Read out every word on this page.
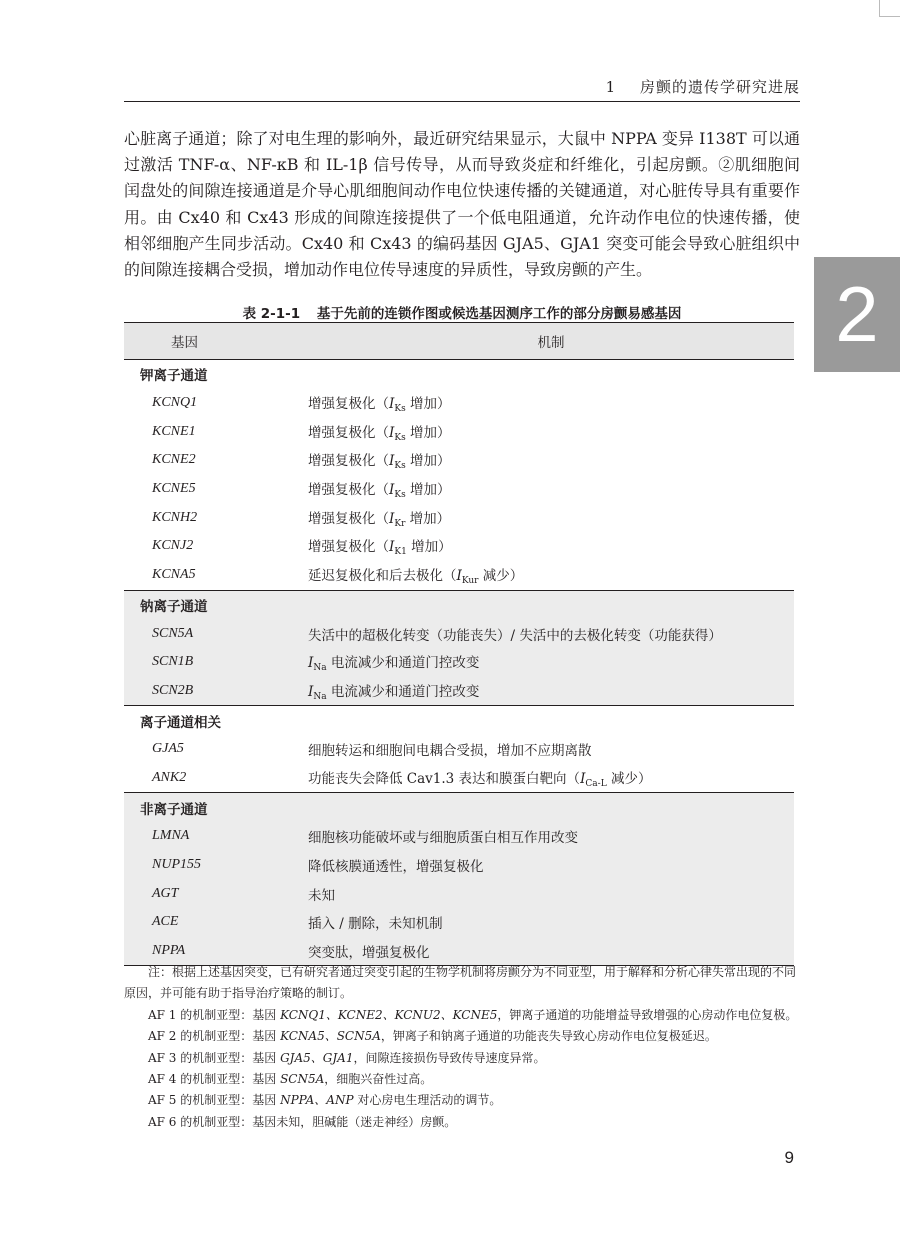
1 房颤的遗传学研究进展
2

心脏离子通道；除了对电生理的影响外，最近研究结果显示，大鼠中 NPPA 变异 I138T 可以通过激活 TNF-α、NF-κB 和 IL-1β 信号传导，从而导致炎症和纤维化，引起房颤。②肌细胞间闰盘处的间隙连接通道是介导心肌细胞间动作电位快速传播的关键通道，对心脏传导具有重要作用。由 Cx40 和 Cx43 形成的间隙连接提供了一个低电阻通道，允许动作电位的快速传播，使相邻细胞产生同步活动。Cx40 和 Cx43 的编码基因 GJA5、GJA1 突变可能会导致心脏组织中的间隙连接耦合受损，增加动作电位传导速度的异质性，导致房颤的产生。

表 2-1-1 基于先前的连锁作图或候选基因测序工作的部分房颤易感基因
基因	机制
钾离子通道	
KCNQ1	增强复极化（$I_{Ks}$ 增加）
KCNE1	增强复极化（$I_{Ks}$ 增加）
KCNE2	增强复极化（$I_{Ks}$ 增加）
KCNE5	增强复极化（$I_{Ks}$ 增加）
KCNH2	增强复极化（$I_{Kr}$ 增加）
KCNJ2	增强复极化（$I_{K1}$ 增加）
KCNA5	延迟复极化和后去极化（$I_{Kur}$ 减少）
钠离子通道	
SCN5A	失活中的超极化转变（功能丧失）/ 失活中的去极化转变（功能获得）
SCN1B	$I_{Na}$ 电流减少和通道门控改变
SCN2B	$I_{Na}$ 电流减少和通道门控改变
离子通道相关	
GJA5	细胞转运和细胞间电耦合受损，增加不应期离散
ANK2	功能丧失会降低 Cav1.3 表达和膜蛋白靶向（$I_{Ca-L}$ 减少）
非离子通道	
LMNA	细胞核功能破坏或与细胞质蛋白相互作用改变
NUP155	降低核膜通透性，增强复极化
AGT	未知
ACE	插入 / 删除，未知机制
NPPA	突变肽，增强复极化

注：根据上述基因突变，已有研究者通过突变引起的生物学机制将房颤分为不同亚型，用于解释和分析心律失常出现的不同原因，并可能有助于指导治疗策略的制订。

AF 1 的机制亚型：基因 KCNQ1、KCNE2、KCNU2、KCNE5，钾离子通道的功能增益导致增强的心房动作电位复极。

AF 2 的机制亚型：基因 KCNA5、SCN5A，钾离子和钠离子通道的功能丧失导致心房动作电位复极延迟。

AF 3 的机制亚型：基因 GJA5、GJA1，间隙连接损伤导致传导速度异常。

AF 4 的机制亚型：基因 SCN5A，细胞兴奋性过高。

AF 5 的机制亚型：基因 NPPA、ANP 对心房电生理活动的调节。

AF 6 的机制亚型：基因未知，胆碱能（迷走神经）房颤。

9
